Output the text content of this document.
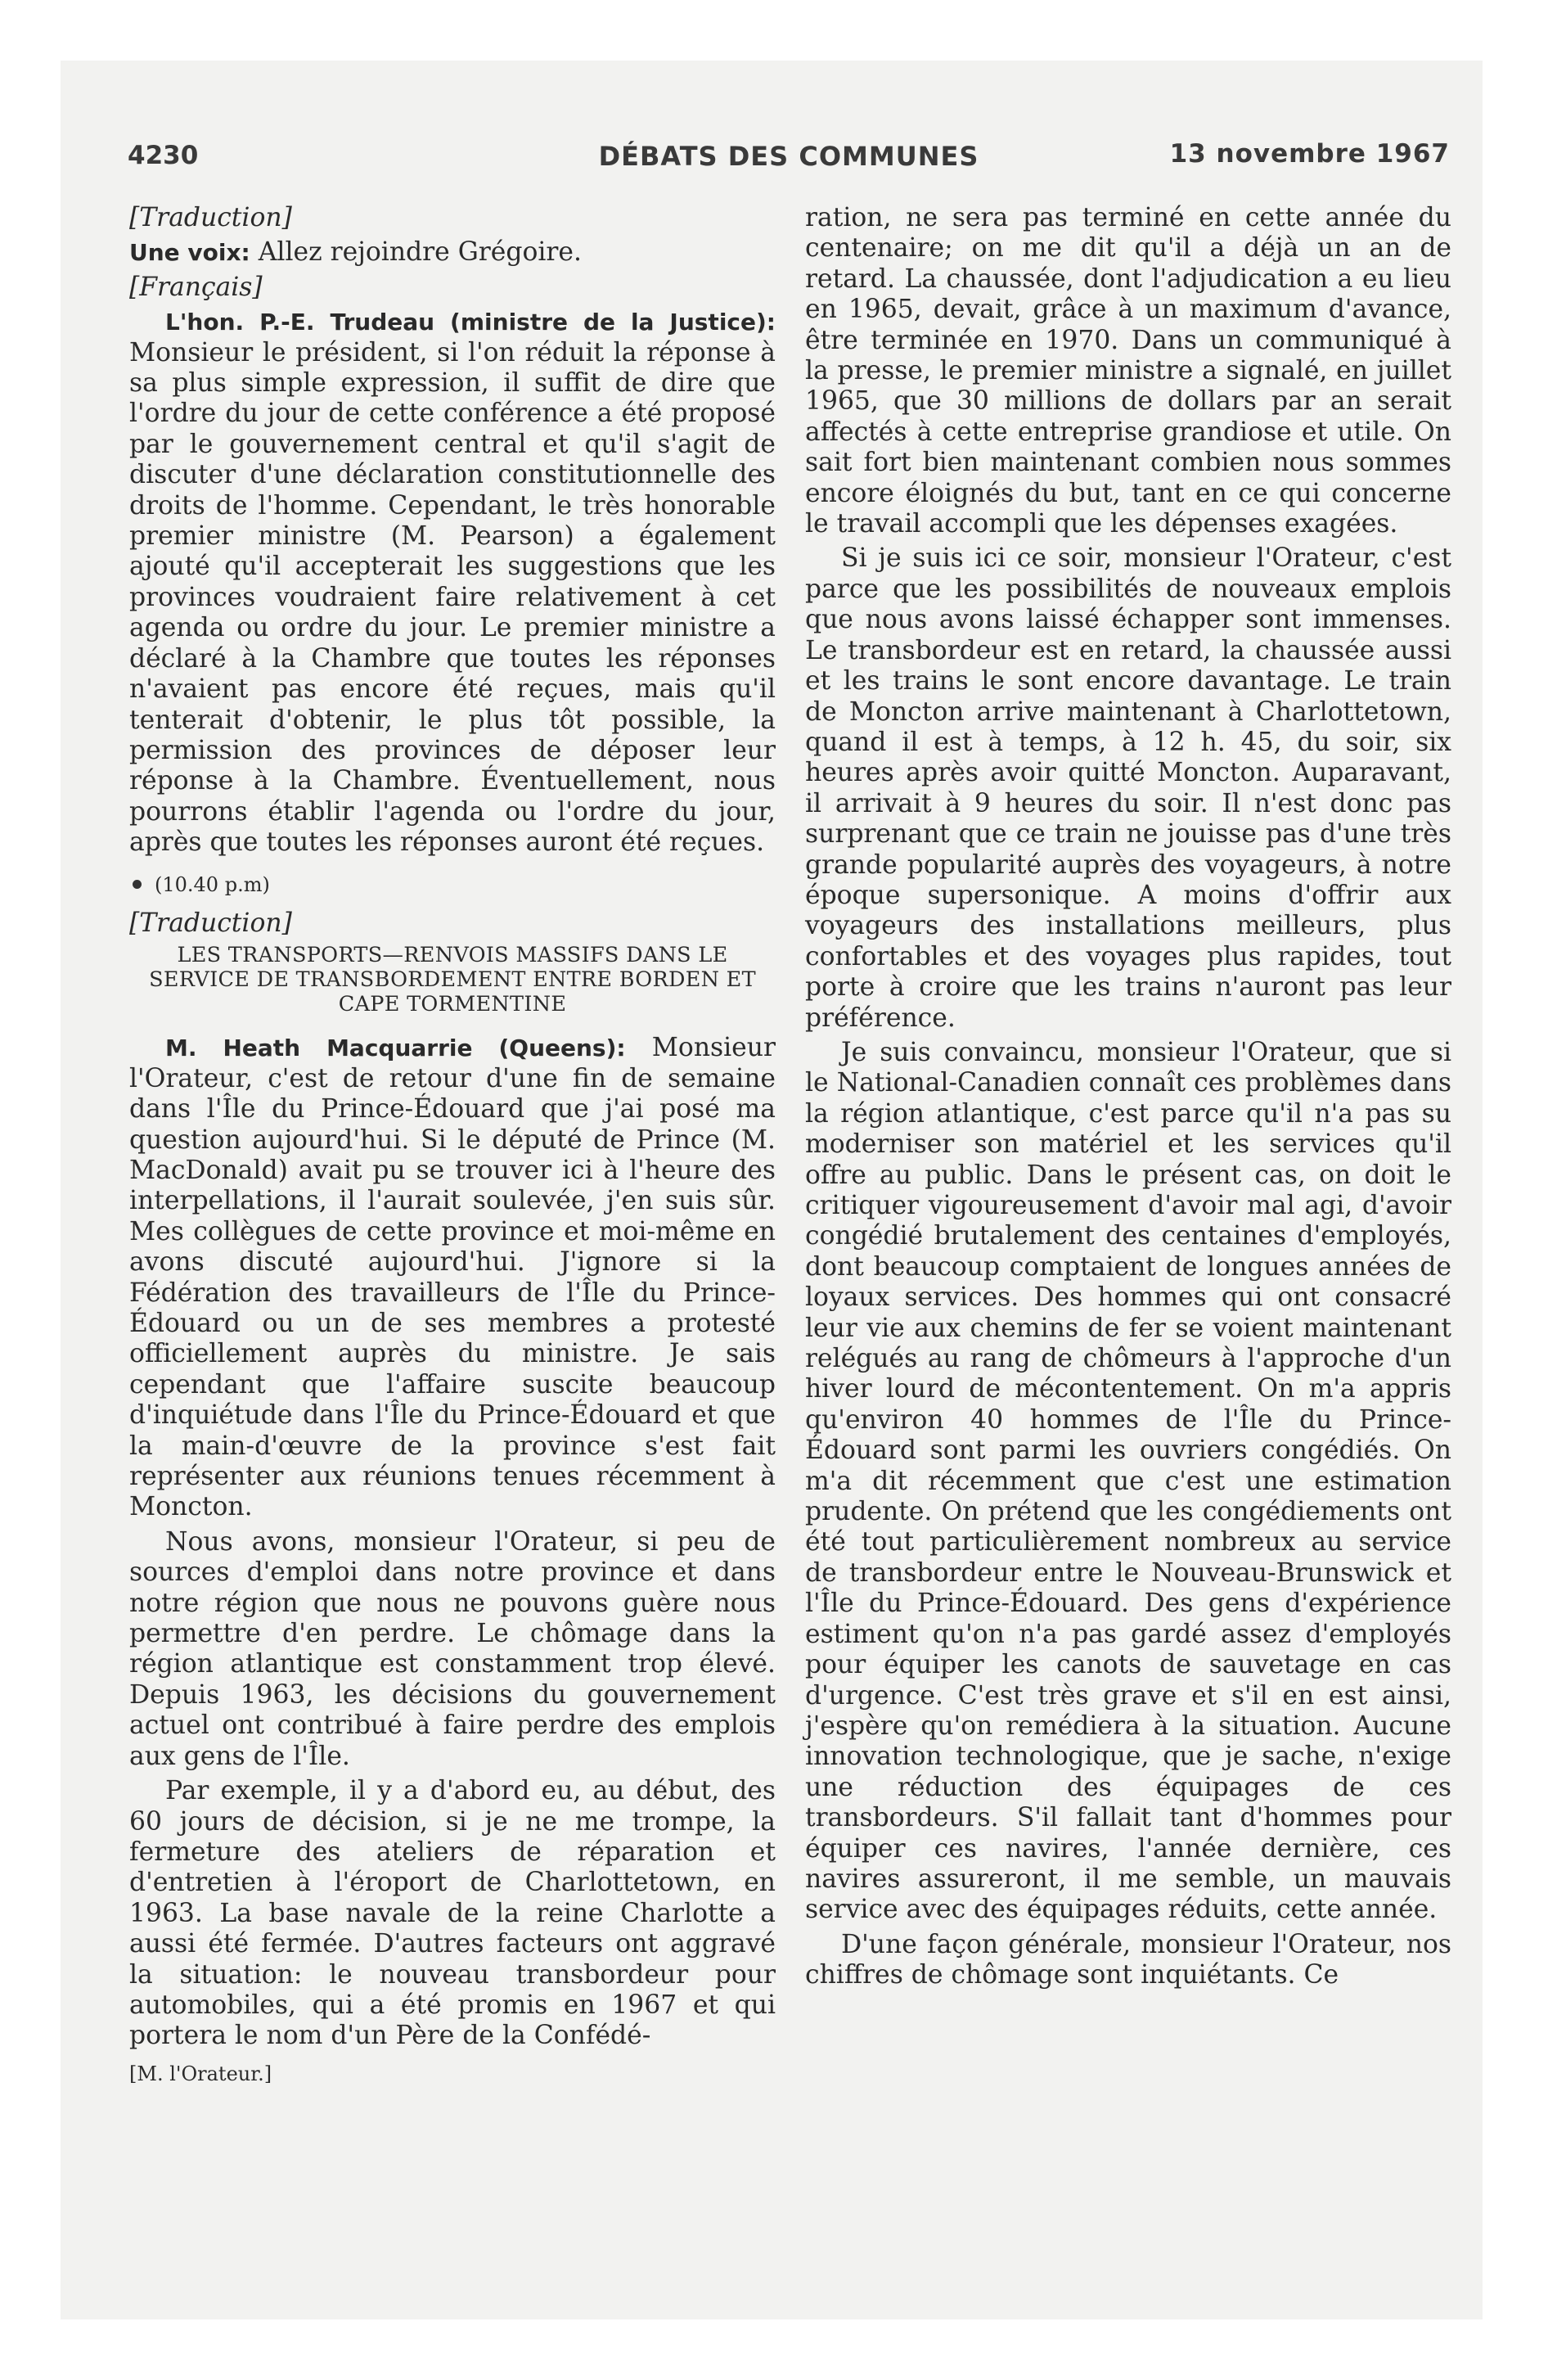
4230	DÉBATS DES COMMUNES	13 novembre 1967

[Traduction]

Une voix: Allez rejoindre Grégoire.

[Français]

L'hon. P.-E. Trudeau (ministre de la Justice): Monsieur le président, si l'on réduit la réponse à sa plus simple expression, il suffit de dire que l'ordre du jour de cette conférence a été proposé par le gouvernement central et qu'il s'agit de discuter d'une déclaration constitutionnelle des droits de l'homme. Cependant, le très honorable premier ministre (M. Pearson) a également ajouté qu'il accepterait les suggestions que les provinces voudraient faire relativement à cet agenda ou ordre du jour. Le premier ministre a déclaré à la Chambre que toutes les réponses n'avaient pas encore été reçues, mais qu'il tenterait d'obtenir, le plus tôt possible, la permission des provinces de déposer leur réponse à la Chambre. Éventuellement, nous pourrons établir l'agenda ou l'ordre du jour, après que toutes les réponses auront été reçues.

(10.40 p.m)

[Traduction]

LES TRANSPORTS—RENVOIS MASSIFS DANS LE SERVICE DE TRANSBORDEMENT ENTRE BORDEN ET CAPE TORMENTINE

M. Heath Macquarrie (Queens): Monsieur l'Orateur, c'est de retour d'une fin de semaine dans l'Île du Prince-Édouard que j'ai posé ma question aujourd'hui. Si le député de Prince (M. MacDonald) avait pu se trouver ici à l'heure des interpellations, il l'aurait soulevée, j'en suis sûr. Mes collègues de cette province et moi-même en avons discuté aujourd'hui. J'ignore si la Fédération des travailleurs de l'Île du Prince-Édouard ou un de ses membres a protesté officiellement auprès du ministre. Je sais cependant que l'affaire suscite beaucoup d'inquiétude dans l'Île du Prince-Édouard et que la main-d'œuvre de la province s'est fait représenter aux réunions tenues récemment à Moncton.

Nous avons, monsieur l'Orateur, si peu de sources d'emploi dans notre province et dans notre région que nous ne pouvons guère nous permettre d'en perdre. Le chômage dans la région atlantique est constamment trop élevé. Depuis 1963, les décisions du gouvernement actuel ont contribué à faire perdre des emplois aux gens de l'Île.

Par exemple, il y a d'abord eu, au début, des 60 jours de décision, si je ne me trompe, la fermeture des ateliers de réparation et d'entretien à l'éroport de Charlottetown, en 1963. La base navale de la reine Charlotte a aussi été fermée. D'autres facteurs ont aggravé la situation: le nouveau transbordeur pour automobiles, qui a été promis en 1967 et qui portera le nom d'un Père de la Confédé-

[M. l'Orateur.]

ration, ne sera pas terminé en cette année du centenaire; on me dit qu'il a déjà un an de retard. La chaussée, dont l'adjudication a eu lieu en 1965, devait, grâce à un maximum d'avance, être terminée en 1970. Dans un communiqué à la presse, le premier ministre a signalé, en juillet 1965, que 30 millions de dollars par an serait affectés à cette entreprise grandiose et utile. On sait fort bien maintenant combien nous sommes encore éloignés du but, tant en ce qui concerne le travail accompli que les dépenses exagées.

Si je suis ici ce soir, monsieur l'Orateur, c'est parce que les possibilités de nouveaux emplois que nous avons laissé échapper sont immenses. Le transbordeur est en retard, la chaussée aussi et les trains le sont encore davantage. Le train de Moncton arrive maintenant à Charlottetown, quand il est à temps, à 12 h. 45, du soir, six heures après avoir quitté Moncton. Auparavant, il arrivait à 9 heures du soir. Il n'est donc pas surprenant que ce train ne jouisse pas d'une très grande popularité auprès des voyageurs, à notre époque supersonique. A moins d'offrir aux voyageurs des installations meilleurs, plus confortables et des voyages plus rapides, tout porte à croire que les trains n'auront pas leur préférence.

Je suis convaincu, monsieur l'Orateur, que si le National-Canadien connaît ces problèmes dans la région atlantique, c'est parce qu'il n'a pas su moderniser son matériel et les services qu'il offre au public. Dans le présent cas, on doit le critiquer vigoureusement d'avoir mal agi, d'avoir congédié brutalement des centaines d'employés, dont beaucoup comptaient de longues années de loyaux services. Des hommes qui ont consacré leur vie aux chemins de fer se voient maintenant relégués au rang de chômeurs à l'approche d'un hiver lourd de mécontentement. On m'a appris qu'environ 40 hommes de l'Île du Prince-Édouard sont parmi les ouvriers congédiés. On m'a dit récemment que c'est une estimation prudente. On prétend que les congédiements ont été tout particulièrement nombreux au service de transbordeur entre le Nouveau-Brunswick et l'Île du Prince-Édouard. Des gens d'expérience estiment qu'on n'a pas gardé assez d'employés pour équiper les canots de sauvetage en cas d'urgence. C'est très grave et s'il en est ainsi, j'espère qu'on remédiera à la situation. Aucune innovation technologique, que je sache, n'exige une réduction des équipages de ces transbordeurs. S'il fallait tant d'hommes pour équiper ces navires, l'année dernière, ces navires assureront, il me semble, un mauvais service avec des équipages réduits, cette année.

D'une façon générale, monsieur l'Orateur, nos chiffres de chômage sont inquiétants. Ce
